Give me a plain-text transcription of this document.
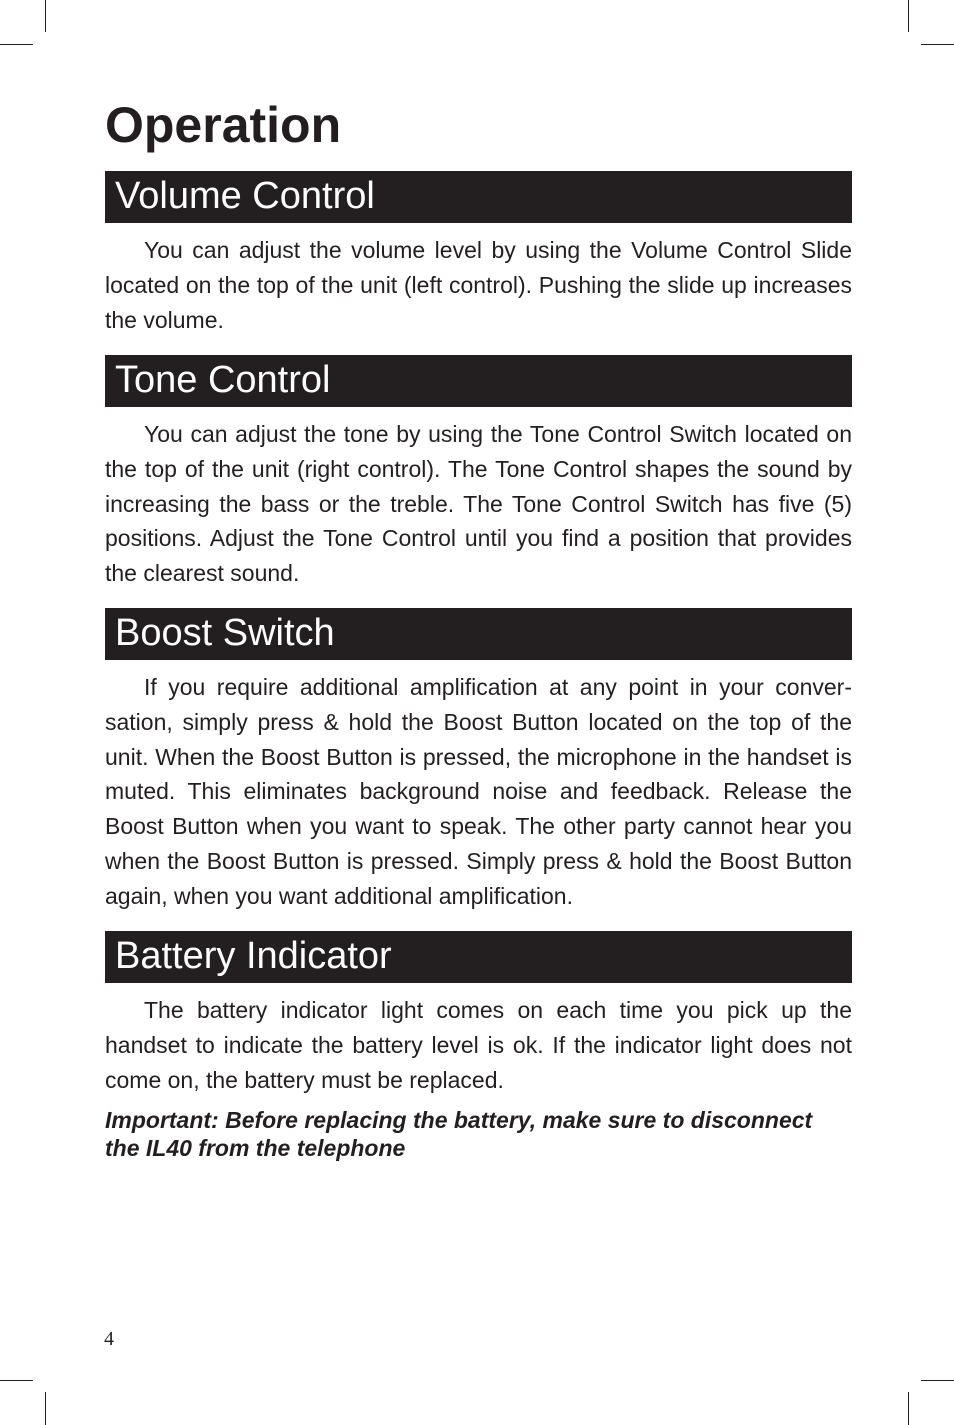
Operation
Volume Control

You can adjust the volume level by using the Volume Control Slide located on the top of the unit (left control). Pushing the slide up increases the volume.

Tone Control

You can adjust the tone by using the Tone Control Switch located on the top of the unit (right control). The Tone Control shapes the sound by increasing the bass or the treble. The Tone Control Switch has five (5) positions. Adjust the Tone Control until you find a position that provides the clearest sound.

Boost Switch

If you require additional amplification at any point in your conversation, simply press & hold the Boost Button located on the top of the unit. When the Boost Button is pressed, the microphone in the handset is muted. This eliminates background noise and feedback. Release the Boost Button when you want to speak. The other party cannot hear you when the Boost Button is pressed. Simply press & hold the Boost Button again, when you want additional amplification.

Battery Indicator

The battery indicator light comes on each time you pick up the handset to indicate the battery level is ok. If the indicator light does not come on, the battery must be replaced.

Important: Before replacing the battery, make sure to disconnect the IL40 from the telephone

4
